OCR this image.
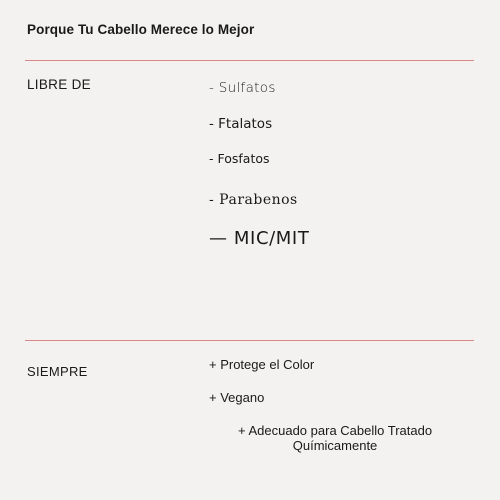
Porque Tu Cabello Merece lo Mejor
LIBRE DE	- Sulfatos
- Ftalatos
- Fosfatos
- Parabenos
— MIC/MIT
SIEMPRE	+ Protege el Color
+ Vegano
+ Adecuado para Cabello Tratado
Químicamente
